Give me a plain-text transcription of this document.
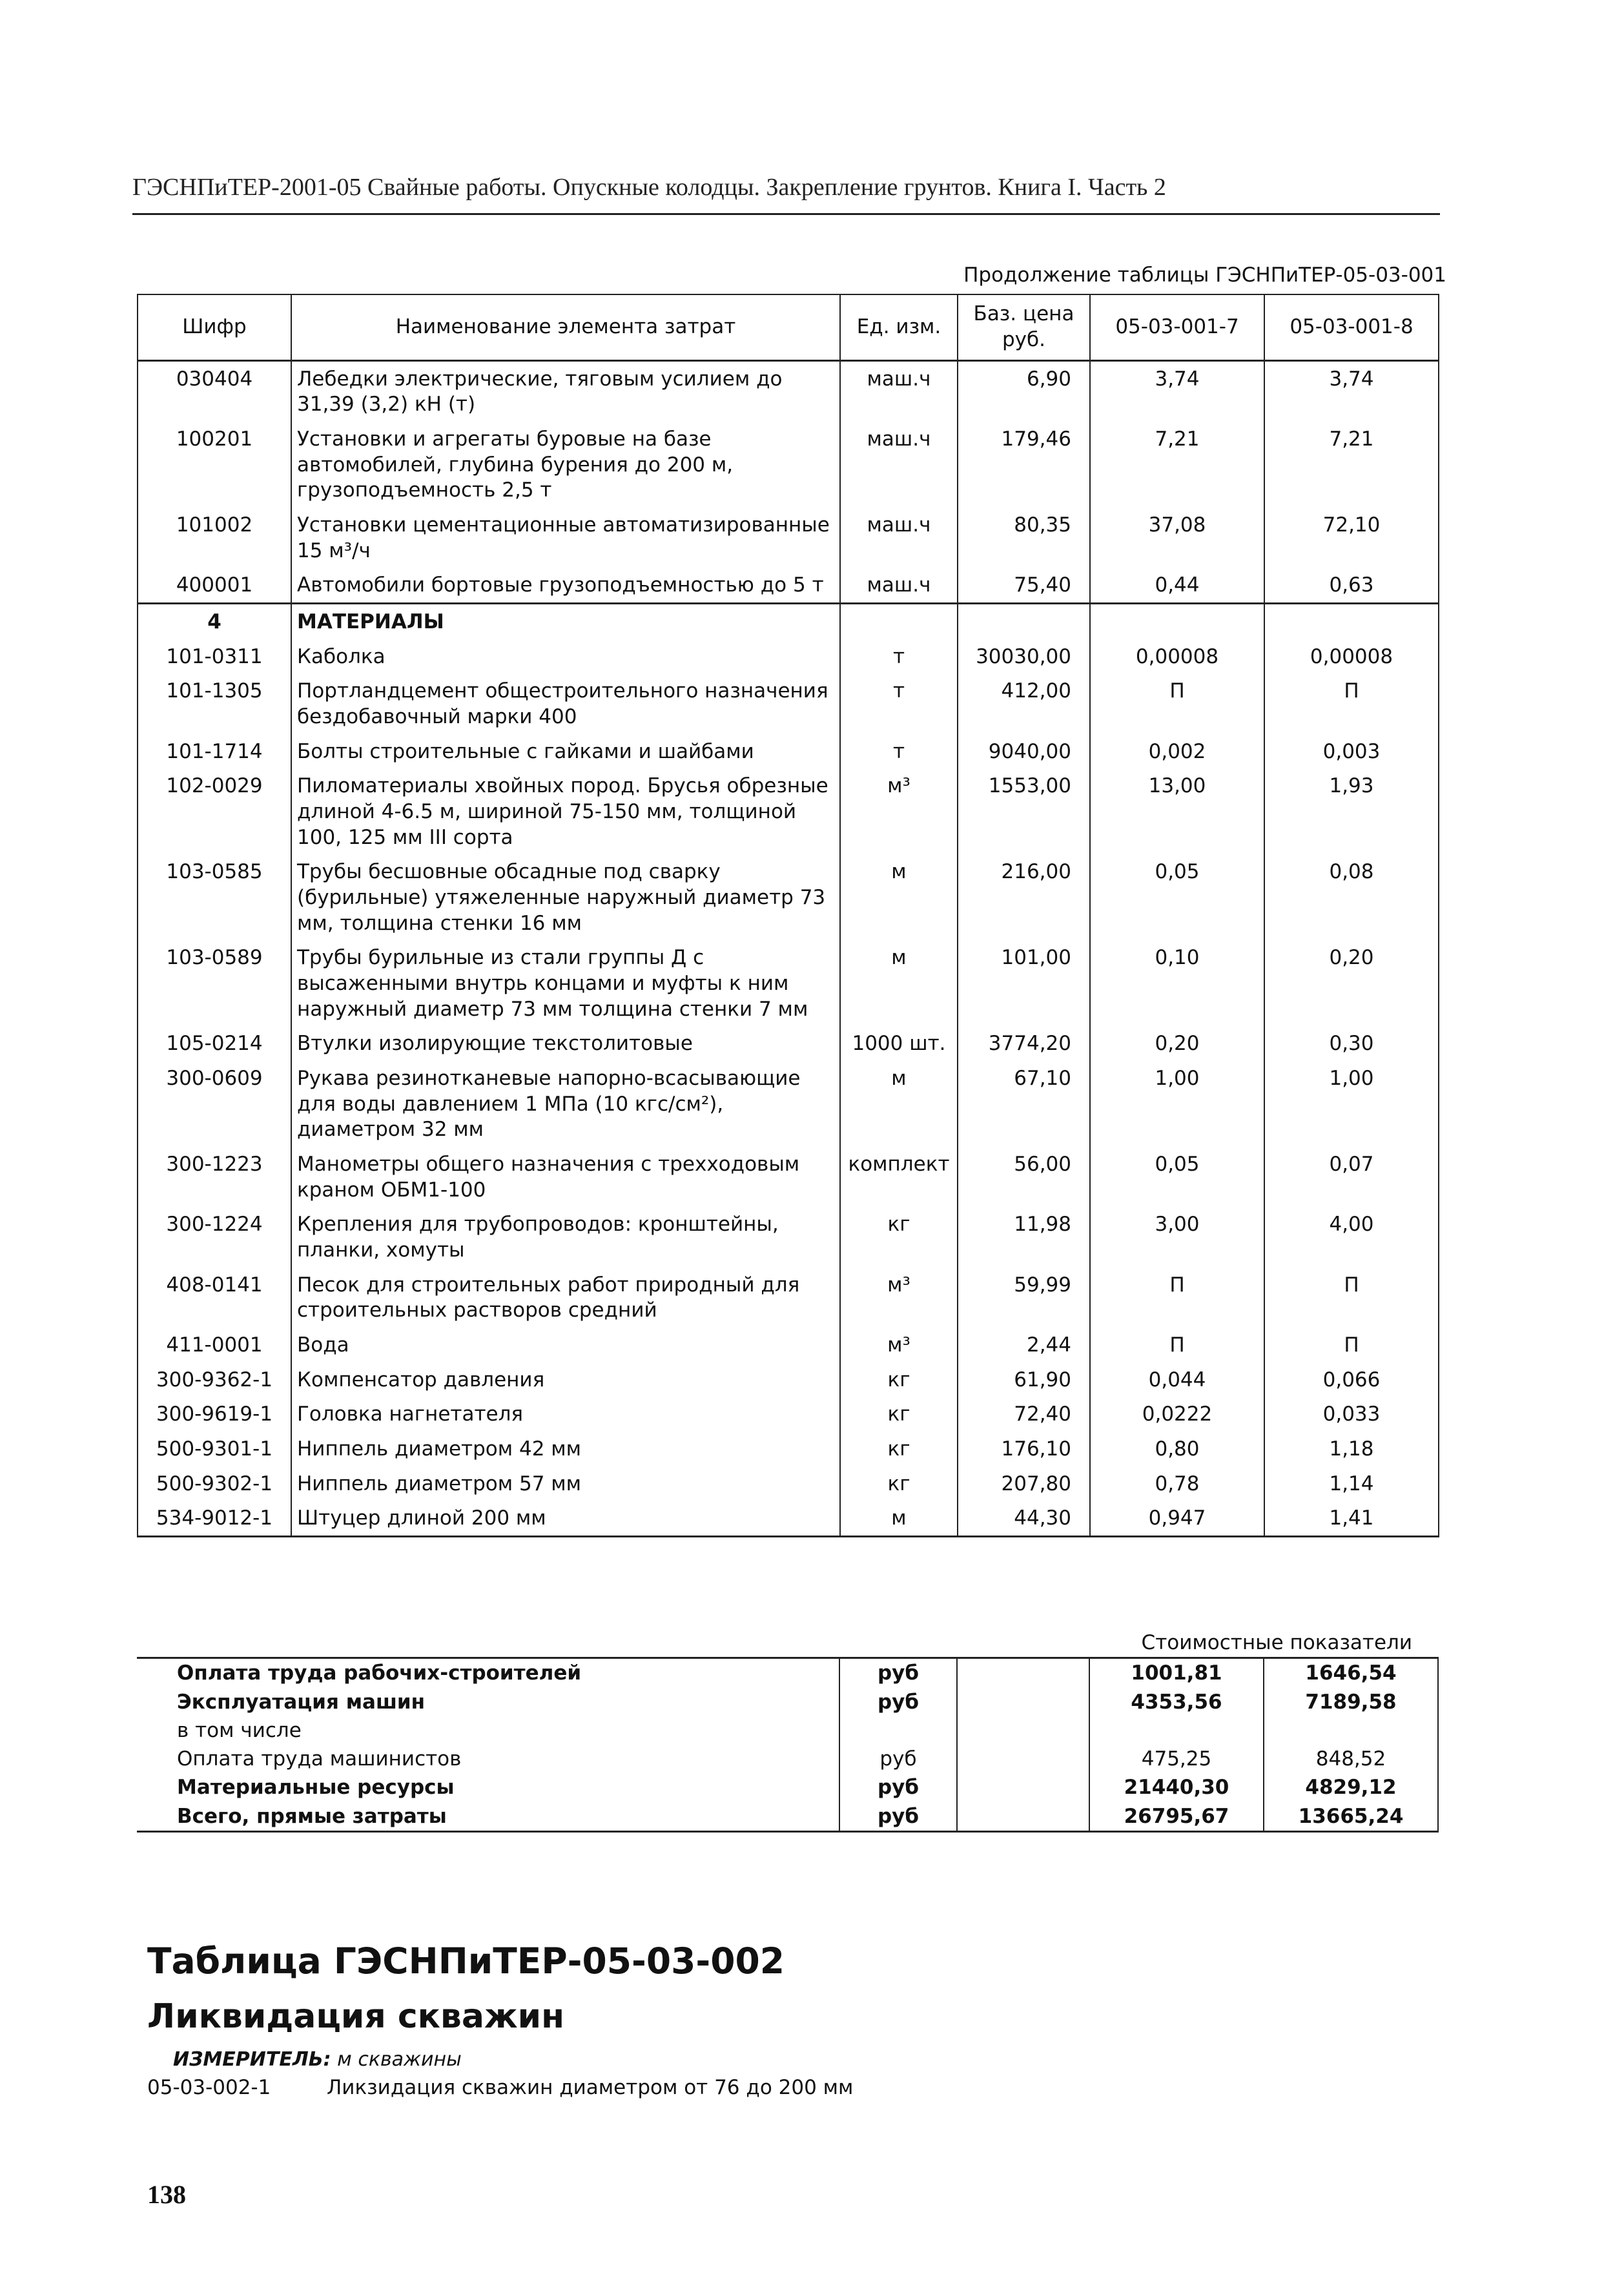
ГЭСНПиТЕР-2001-05 Свайные работы. Опускные колодцы. Закрепление грунтов. Книга I. Часть 2
Продолжение таблицы ГЭСНПиТЕР-05-03-001
Шифр	Наименование элемента затрат	Ед. изм.	Баз. цена руб.	05-03-001-7	05-03-001-8
030404	Лебедки электрические, тяговым усилием до 31,39 (3,2) кН (т)	маш.ч	6,90	3,74	3,74
100201	Установки и агрегаты буровые на базе автомобилей, глубина бурения до 200 м, грузоподъемность 2,5 т	маш.ч	179,46	7,21	7,21
101002	Установки цементационные автоматизированные 15 м³/ч	маш.ч	80,35	37,08	72,10
400001	Автомобили бортовые грузоподъемностью до 5 т	маш.ч	75,40	0,44	0,63
4	МАТЕРИАЛЫ				
101-0311	Каболка	т	30030,00	0,00008	0,00008
101-1305	Портландцемент общестроительного назначения бездобавочный марки 400	т	412,00	П	П
101-1714	Болты строительные с гайками и шайбами	т	9040,00	0,002	0,003
102-0029	Пиломатериалы хвойных пород. Брусья обрезные длиной 4-6.5 м, шириной 75-150 мм, толщиной 100, 125 мм III сорта	м³	1553,00	13,00	1,93
103-0585	Трубы бесшовные обсадные под сварку (бурильные) утяжеленные наружный диаметр 73 мм, толщина стенки 16 мм	м	216,00	0,05	0,08
103-0589	Трубы бурильные из стали группы Д с высаженными внутрь концами и муфты к ним наружный диаметр 73 мм толщина стенки 7 мм	м	101,00	0,10	0,20
105-0214	Втулки изолирующие текстолитовые	1000 шт.	3774,20	0,20	0,30
300-0609	Рукава резинотканевые напорно-всасывающие для воды давлением 1 МПа (10 кгс/см²), диаметром 32 мм	м	67,10	1,00	1,00
300-1223	Манометры общего назначения с трехходовым краном ОБМ1-100	комплект	56,00	0,05	0,07
300-1224	Крепления для трубопроводов: кронштейны, планки, хомуты	кг	11,98	3,00	4,00
408-0141	Песок для строительных работ природный для строительных растворов средний	м³	59,99	П	П
411-0001	Вода	м³	2,44	П	П
300-9362-1	Компенсатор давления	кг	61,90	0,044	0,066
300-9619-1	Головка нагнетателя	кг	72,40	0,0222	0,033
500-9301-1	Ниппель диаметром 42 мм	кг	176,10	0,80	1,18
500-9302-1	Ниппель диаметром 57 мм	кг	207,80	0,78	1,14
534-9012-1	Штуцер длиной 200 мм	м	44,30	0,947	1,41
Стоимостные показатели				
Оплата труда рабочих-строителей	руб		1001,81	1646,54
Эксплуатация машин	руб		4353,56	7189,58
в том числе				
Оплата труда машинистов	руб		475,25	848,52
Материальные ресурсы	руб		21440,30	4829,12
Всего, прямые затраты	руб		26795,67	13665,24
Таблица ГЭСНПиТЕР-05-03-002
Ликвидация скважин
ИЗМЕРИТЕЛЬ: м скважины
05-03-002-1	Ликзидация скважин диаметром от 76 до 200 мм
138
